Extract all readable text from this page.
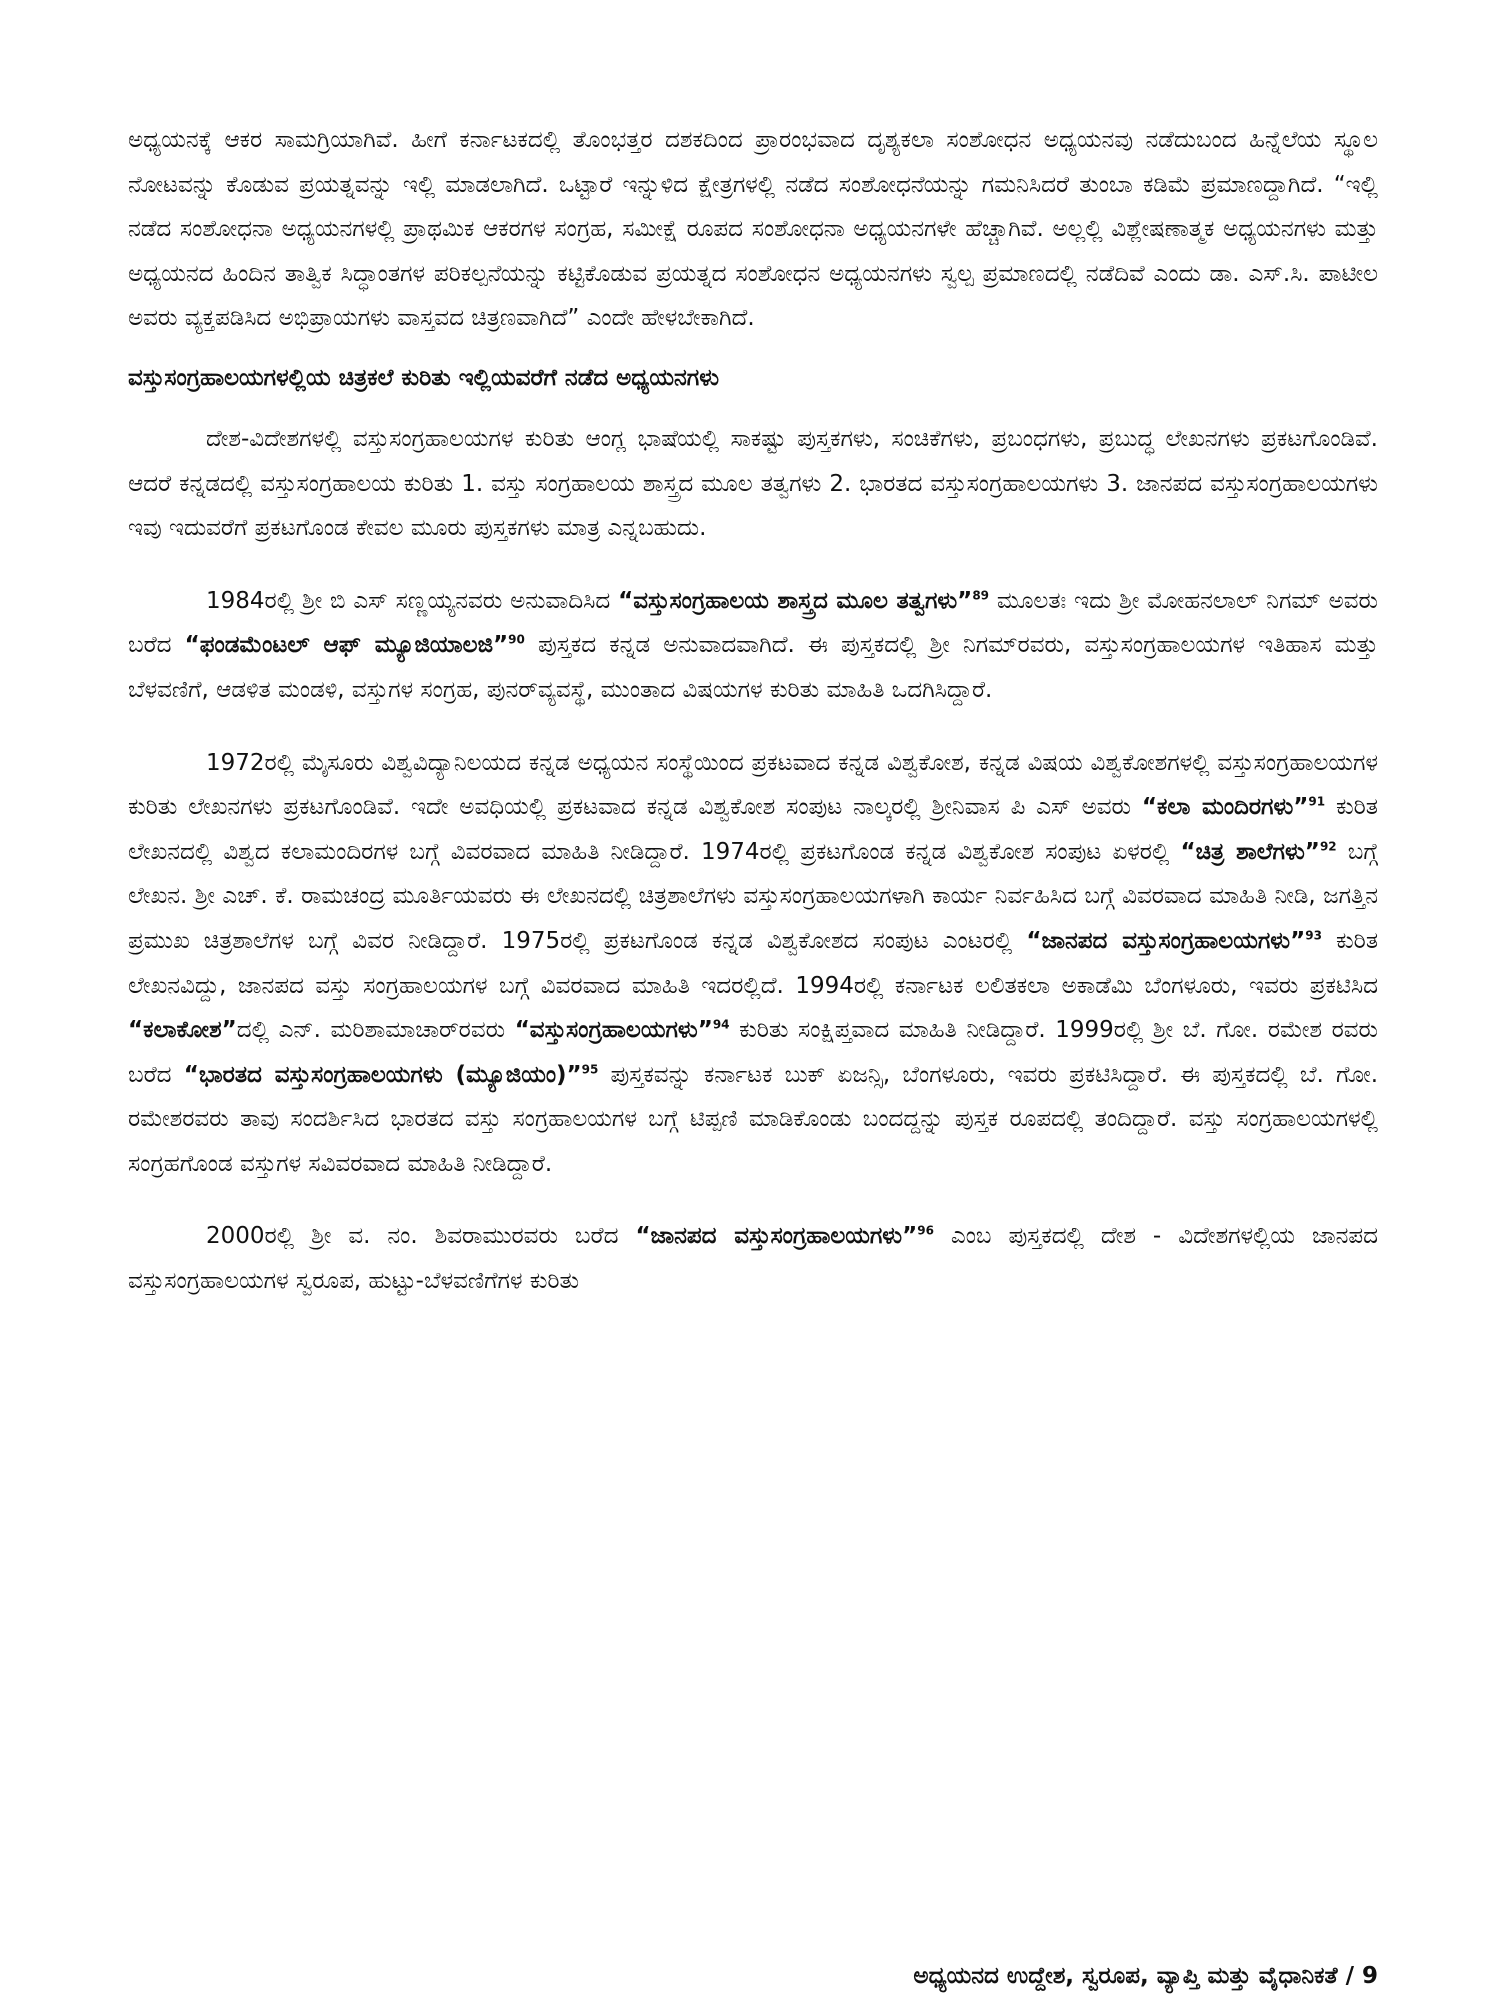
ಅಧ್ಯಯನಕ್ಕೆ ಆಕರ ಸಾಮಗ್ರಿಯಾಗಿವೆ. ಹೀಗೆ ಕರ್ನಾಟಕದಲ್ಲಿ ತೊಂಭತ್ತರ ದಶಕದಿಂದ ಪ್ರಾರಂಭವಾದ ದೃಶ್ಯಕಲಾ ಸಂಶೋಧನ ಅಧ್ಯಯನವು ನಡೆದುಬಂದ ಹಿನ್ನೆಲೆಯ ಸ್ಥೂಲ ನೋಟವನ್ನು ಕೊಡುವ ಪ್ರಯತ್ನವನ್ನು ಇಲ್ಲಿ ಮಾಡಲಾಗಿದೆ. ಒಟ್ಟಾರೆ ಇನ್ನುಳಿದ ಕ್ಷೇತ್ರಗಳಲ್ಲಿ ನಡೆದ ಸಂಶೋಧನೆಯನ್ನು ಗಮನಿಸಿದರೆ ತುಂಬಾ ಕಡಿಮೆ ಪ್ರಮಾಣದ್ದಾಗಿದೆ. “ಇಲ್ಲಿ ನಡೆದ ಸಂಶೋಧನಾ ಅಧ್ಯಯನಗಳಲ್ಲಿ ಪ್ರಾಥಮಿಕ ಆಕರಗಳ ಸಂಗ್ರಹ, ಸಮೀಕ್ಷೆ ರೂಪದ ಸಂಶೋಧನಾ ಅಧ್ಯಯನಗಳೇ ಹೆಚ್ಚಾಗಿವೆ. ಅಲ್ಲಲ್ಲಿ ವಿಶ್ಲೇಷಣಾತ್ಮಕ ಅಧ್ಯಯನಗಳು ಮತ್ತು ಅಧ್ಯಯನದ ಹಿಂದಿನ ತಾತ್ವಿಕ ಸಿದ್ಧಾಂತಗಳ ಪರಿಕಲ್ಪನೆಯನ್ನು ಕಟ್ಟಿಕೊಡುವ ಪ್ರಯತ್ನದ ಸಂಶೋಧನ ಅಧ್ಯಯನಗಳು ಸ್ವಲ್ಪ ಪ್ರಮಾಣದಲ್ಲಿ ನಡೆದಿವೆ ಎಂದು ಡಾ. ಎಸ್.ಸಿ. ಪಾಟೀಲ ಅವರು ವ್ಯಕ್ತಪಡಿಸಿದ ಅಭಿಪ್ರಾಯಗಳು ವಾಸ್ತವದ ಚಿತ್ರಣವಾಗಿದೆ” ಎಂದೇ ಹೇಳಬೇಕಾಗಿದೆ.

ವಸ್ತುಸಂಗ್ರಹಾಲಯಗಳಲ್ಲಿಯ ಚಿತ್ರಕಲೆ ಕುರಿತು ಇಲ್ಲಿಯವರೆಗೆ ನಡೆದ ಅಧ್ಯಯನಗಳು

ದೇಶ-ವಿದೇಶಗಳಲ್ಲಿ ವಸ್ತುಸಂಗ್ರಹಾಲಯಗಳ ಕುರಿತು ಆಂಗ್ಲ ಭಾಷೆಯಲ್ಲಿ ಸಾಕಷ್ಟು ಪುಸ್ತಕಗಳು, ಸಂಚಿಕೆಗಳು, ಪ್ರಬಂಧಗಳು, ಪ್ರಬುದ್ಧ ಲೇಖನಗಳು ಪ್ರಕಟಗೊಂಡಿವೆ. ಆದರೆ ಕನ್ನಡದಲ್ಲಿ ವಸ್ತುಸಂಗ್ರಹಾಲಯ ಕುರಿತು 1. ವಸ್ತು ಸಂಗ್ರಹಾಲಯ ಶಾಸ್ತ್ರದ ಮೂಲ ತತ್ವಗಳು 2. ಭಾರತದ ವಸ್ತುಸಂಗ್ರಹಾಲಯಗಳು 3. ಜಾನಪದ ವಸ್ತುಸಂಗ್ರಹಾಲಯಗಳು ಇವು ಇದುವರೆಗೆ ಪ್ರಕಟಗೊಂಡ ಕೇವಲ ಮೂರು ಪುಸ್ತಕಗಳು ಮಾತ್ರ ಎನ್ನಬಹುದು.

1984ರಲ್ಲಿ ಶ್ರೀ ಬಿ ಎಸ್ ಸಣ್ಣಯ್ಯನವರು ಅನುವಾದಿಸಿದ “ವಸ್ತುಸಂಗ್ರಹಾಲಯ ಶಾಸ್ತ್ರದ ಮೂಲ ತತ್ವಗಳು”$^{89}$ ಮೂಲತಃ ಇದು ಶ್ರೀ ಮೋಹನಲಾಲ್ ನಿಗಮ್ ಅವರು ಬರೆದ “ಫಂಡಮೆಂಟಲ್ ಆಫ್ ಮ್ಯೂಜಿಯಾಲಜಿ”$^{90}$ ಪುಸ್ತಕದ ಕನ್ನಡ ಅನುವಾದವಾಗಿದೆ. ಈ ಪುಸ್ತಕದಲ್ಲಿ ಶ್ರೀ ನಿಗಮ್‌ರವರು, ವಸ್ತುಸಂಗ್ರಹಾಲಯಗಳ ಇತಿಹಾಸ ಮತ್ತು ಬೆಳವಣಿಗೆ, ಆಡಳಿತ ಮಂಡಳಿ, ವಸ್ತುಗಳ ಸಂಗ್ರಹ, ಪುನರ್‌ವ್ಯವಸ್ಥೆ, ಮುಂತಾದ ವಿಷಯಗಳ ಕುರಿತು ಮಾಹಿತಿ ಒದಗಿಸಿದ್ದಾರೆ.

1972ರಲ್ಲಿ ಮೈಸೂರು ವಿಶ್ವವಿದ್ಯಾನಿಲಯದ ಕನ್ನಡ ಅಧ್ಯಯನ ಸಂಸ್ಥೆಯಿಂದ ಪ್ರಕಟವಾದ ಕನ್ನಡ ವಿಶ್ವಕೋಶ, ಕನ್ನಡ ವಿಷಯ ವಿಶ್ವಕೋಶಗಳಲ್ಲಿ ವಸ್ತುಸಂಗ್ರಹಾಲಯಗಳ ಕುರಿತು ಲೇಖನಗಳು ಪ್ರಕಟಗೊಂಡಿವೆ. ಇದೇ ಅವಧಿಯಲ್ಲಿ ಪ್ರಕಟವಾದ ಕನ್ನಡ ವಿಶ್ವಕೋಶ ಸಂಪುಟ ನಾಲ್ಕರಲ್ಲಿ ಶ್ರೀನಿವಾಸ ಪಿ ಎಸ್ ಅವರು “ಕಲಾ ಮಂದಿರಗಳು”$^{91}$ ಕುರಿತ ಲೇಖನದಲ್ಲಿ ವಿಶ್ವದ ಕಲಾಮಂದಿರಗಳ ಬಗ್ಗೆ ವಿವರವಾದ ಮಾಹಿತಿ ನೀಡಿದ್ದಾರೆ. 1974ರಲ್ಲಿ ಪ್ರಕಟಗೊಂಡ ಕನ್ನಡ ವಿಶ್ವಕೋಶ ಸಂಪುಟ ಏಳರಲ್ಲಿ “ಚಿತ್ರ ಶಾಲೆಗಳು”$^{92}$ ಬಗ್ಗೆ ಲೇಖನ. ಶ್ರೀ ಎಚ್. ಕೆ. ರಾಮಚಂದ್ರ ಮೂರ್ತಿಯವರು ಈ ಲೇಖನದಲ್ಲಿ ಚಿತ್ರಶಾಲೆಗಳು ವಸ್ತುಸಂಗ್ರಹಾಲಯಗಳಾಗಿ ಕಾರ್ಯ ನಿರ್ವಹಿಸಿದ ಬಗ್ಗೆ ವಿವರವಾದ ಮಾಹಿತಿ ನೀಡಿ, ಜಗತ್ತಿನ ಪ್ರಮುಖ ಚಿತ್ರಶಾಲೆಗಳ ಬಗ್ಗೆ ವಿವರ ನೀಡಿದ್ದಾರೆ. 1975ರಲ್ಲಿ ಪ್ರಕಟಗೊಂಡ ಕನ್ನಡ ವಿಶ್ವಕೋಶದ ಸಂಪುಟ ಎಂಟರಲ್ಲಿ “ಜಾನಪದ ವಸ್ತುಸಂಗ್ರಹಾಲಯಗಳು”$^{93}$ ಕುರಿತ ಲೇಖನವಿದ್ದು, ಜಾನಪದ ವಸ್ತು ಸಂಗ್ರಹಾಲಯಗಳ ಬಗ್ಗೆ ವಿವರವಾದ ಮಾಹಿತಿ ಇದರಲ್ಲಿದೆ. 1994ರಲ್ಲಿ ಕರ್ನಾಟಕ ಲಲಿತಕಲಾ ಅಕಾಡೆಮಿ ಬೆಂಗಳೂರು, ಇವರು ಪ್ರಕಟಿಸಿದ “ಕಲಾಕೋಶ”ದಲ್ಲಿ ಎನ್. ಮರಿಶಾಮಾಚಾರ್‌ರವರು “ವಸ್ತುಸಂಗ್ರಹಾಲಯಗಳು”$^{94}$ ಕುರಿತು ಸಂಕ್ಷಿಪ್ತವಾದ ಮಾಹಿತಿ ನೀಡಿದ್ದಾರೆ. 1999ರಲ್ಲಿ ಶ್ರೀ ಬೆ. ಗೋ. ರಮೇಶ ರವರು ಬರೆದ “ಭಾರತದ ವಸ್ತುಸಂಗ್ರಹಾಲಯಗಳು (ಮ್ಯೂಜಿಯಂ)”$^{95}$ ಪುಸ್ತಕವನ್ನು ಕರ್ನಾಟಕ ಬುಕ್ ಏಜನ್ಸಿ, ಬೆಂಗಳೂರು, ಇವರು ಪ್ರಕಟಿಸಿದ್ದಾರೆ. ಈ ಪುಸ್ತಕದಲ್ಲಿ ಬೆ. ಗೋ. ರಮೇಶರವರು ತಾವು ಸಂದರ್ಶಿಸಿದ ಭಾರತದ ವಸ್ತು ಸಂಗ್ರಹಾಲಯಗಳ ಬಗ್ಗೆ ಟಿಪ್ಪಣಿ ಮಾಡಿಕೊಂಡು ಬಂದದ್ದನ್ನು ಪುಸ್ತಕ ರೂಪದಲ್ಲಿ ತಂದಿದ್ದಾರೆ. ವಸ್ತು ಸಂಗ್ರಹಾಲಯಗಳಲ್ಲಿ ಸಂಗ್ರಹಗೊಂಡ ವಸ್ತುಗಳ ಸವಿವರವಾದ ಮಾಹಿತಿ ನೀಡಿದ್ದಾರೆ.

2000ರಲ್ಲಿ ಶ್ರೀ ವ. ನಂ. ಶಿವರಾಮುರವರು ಬರೆದ “ಜಾನಪದ ವಸ್ತುಸಂಗ್ರಹಾಲಯಗಳು”$^{96}$ ಎಂಬ ಪುಸ್ತಕದಲ್ಲಿ ದೇಶ - ವಿದೇಶಗಳಲ್ಲಿಯ ಜಾನಪದ ವಸ್ತುಸಂಗ್ರಹಾಲಯಗಳ ಸ್ವರೂಪ, ಹುಟ್ಟು-ಬೆಳವಣಿಗೆಗಳ ಕುರಿತು

ಅಧ್ಯಯನದ ಉದ್ದೇಶ, ಸ್ವರೂಪ, ವ್ಯಾಪ್ತಿ ಮತ್ತು ವೈಧಾನಿಕತೆ / 9
